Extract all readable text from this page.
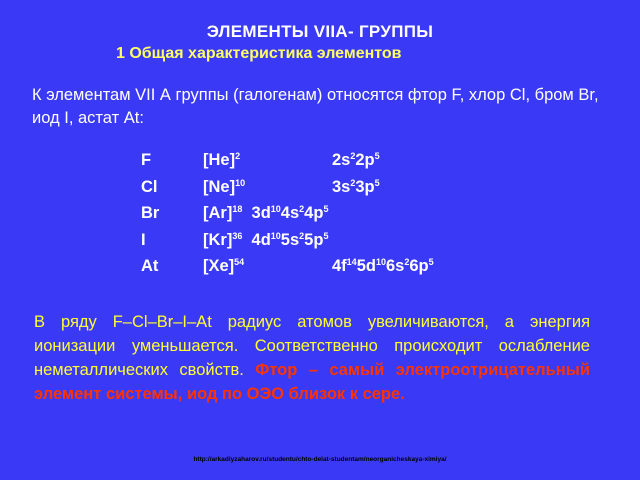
ЭЛЕМЕНТЫ VIIA- ГРУППЫ
1 Общая характеристика элементов
К элементам VII А группы (галогенам) относятся фтор F, хлор Cl, бром Br, иод I, астат At:
F	$[He]^2$	$2s^22p^5$
Cl	$[Ne]^{10}$	$3s^23p^5$
Br	$[Ar]^{18}$ $3d^{10}4s^24p^5$
I	$[Kr]^{36}$ $4d^{10}5s^25p^5$
At	$[Xe]^{54}$	$4f^{14}5d^{10}6s^26p^5$
В ряду F–Cl–Br–I–At радиус атомов увеличиваются, а энергия ионизации уменьшается. Соответственно происходит ослабление неметаллических свойств. Фтор – самый электроотрицательный элемент системы, иод по ОЭО близок к сере.
http://arkadiyzaharov.ru/studentu/chto-delat-studentam/neorganicheskaya-ximiya/
